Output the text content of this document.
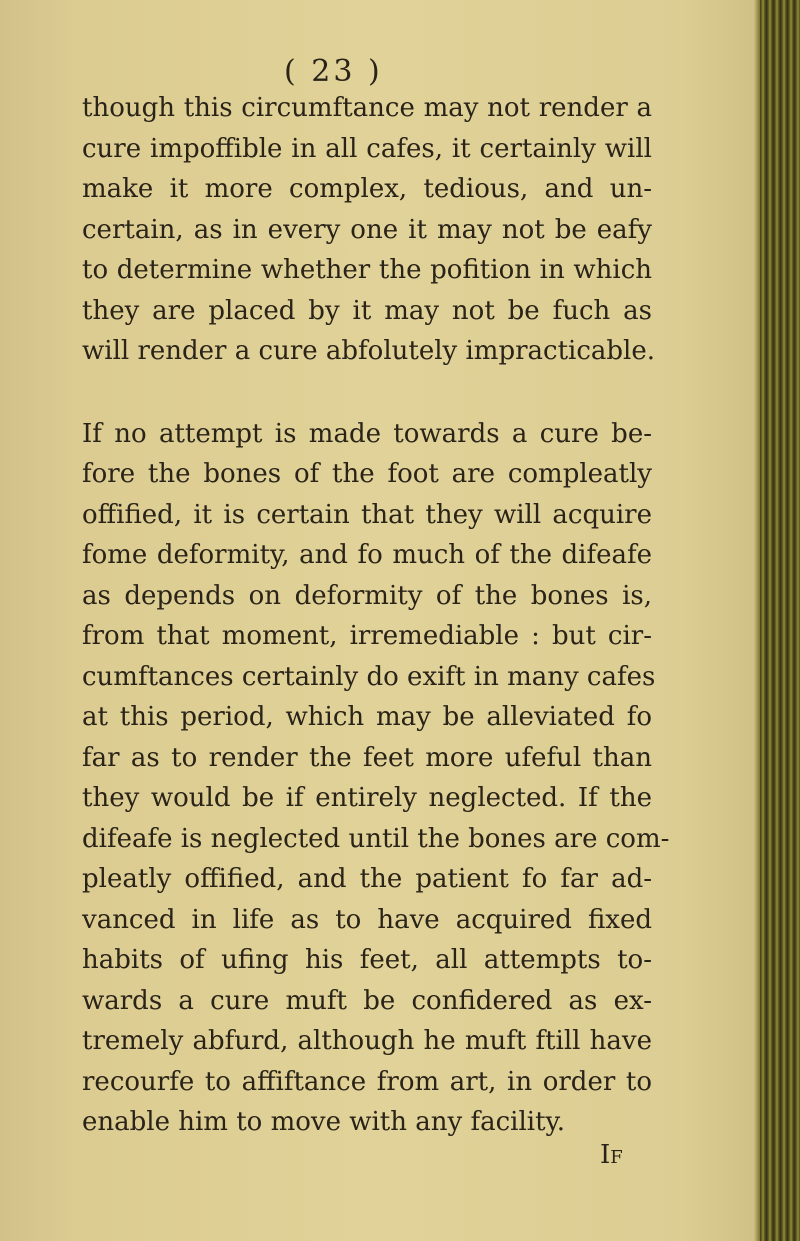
( 23 )
though this circumftance may not render a
cure impoffible in all cafes, it certainly will
make it more complex, tedious, and un-
certain, as in every one it may not be eafy
to determine whether the pofition in which
they are placed by it may not be fuch as
will render a cure abfolutely impracticable.
If no attempt is made towards a cure be-
fore the bones of the foot are compleatly
offified, it is certain that they will acquire
fome deformity, and fo much of the difeafe
as depends on deformity of the bones is,
from that moment, irremediable : but cir-
cumftances certainly do exift in many cafes
at this period, which may be alleviated fo
far as to render the feet more ufeful than
they would be if entirely neglected. If the
difeafe is neglected until the bones are com-
pleatly offified, and the patient fo far ad-
vanced in life as to have acquired fixed
habits of ufing his feet, all attempts to-
wards a cure muft be confidered as ex-
tremely abfurd, although he muft ftill have
recourfe to affiftance from art, in order to
enable him to move with any facility.
If
